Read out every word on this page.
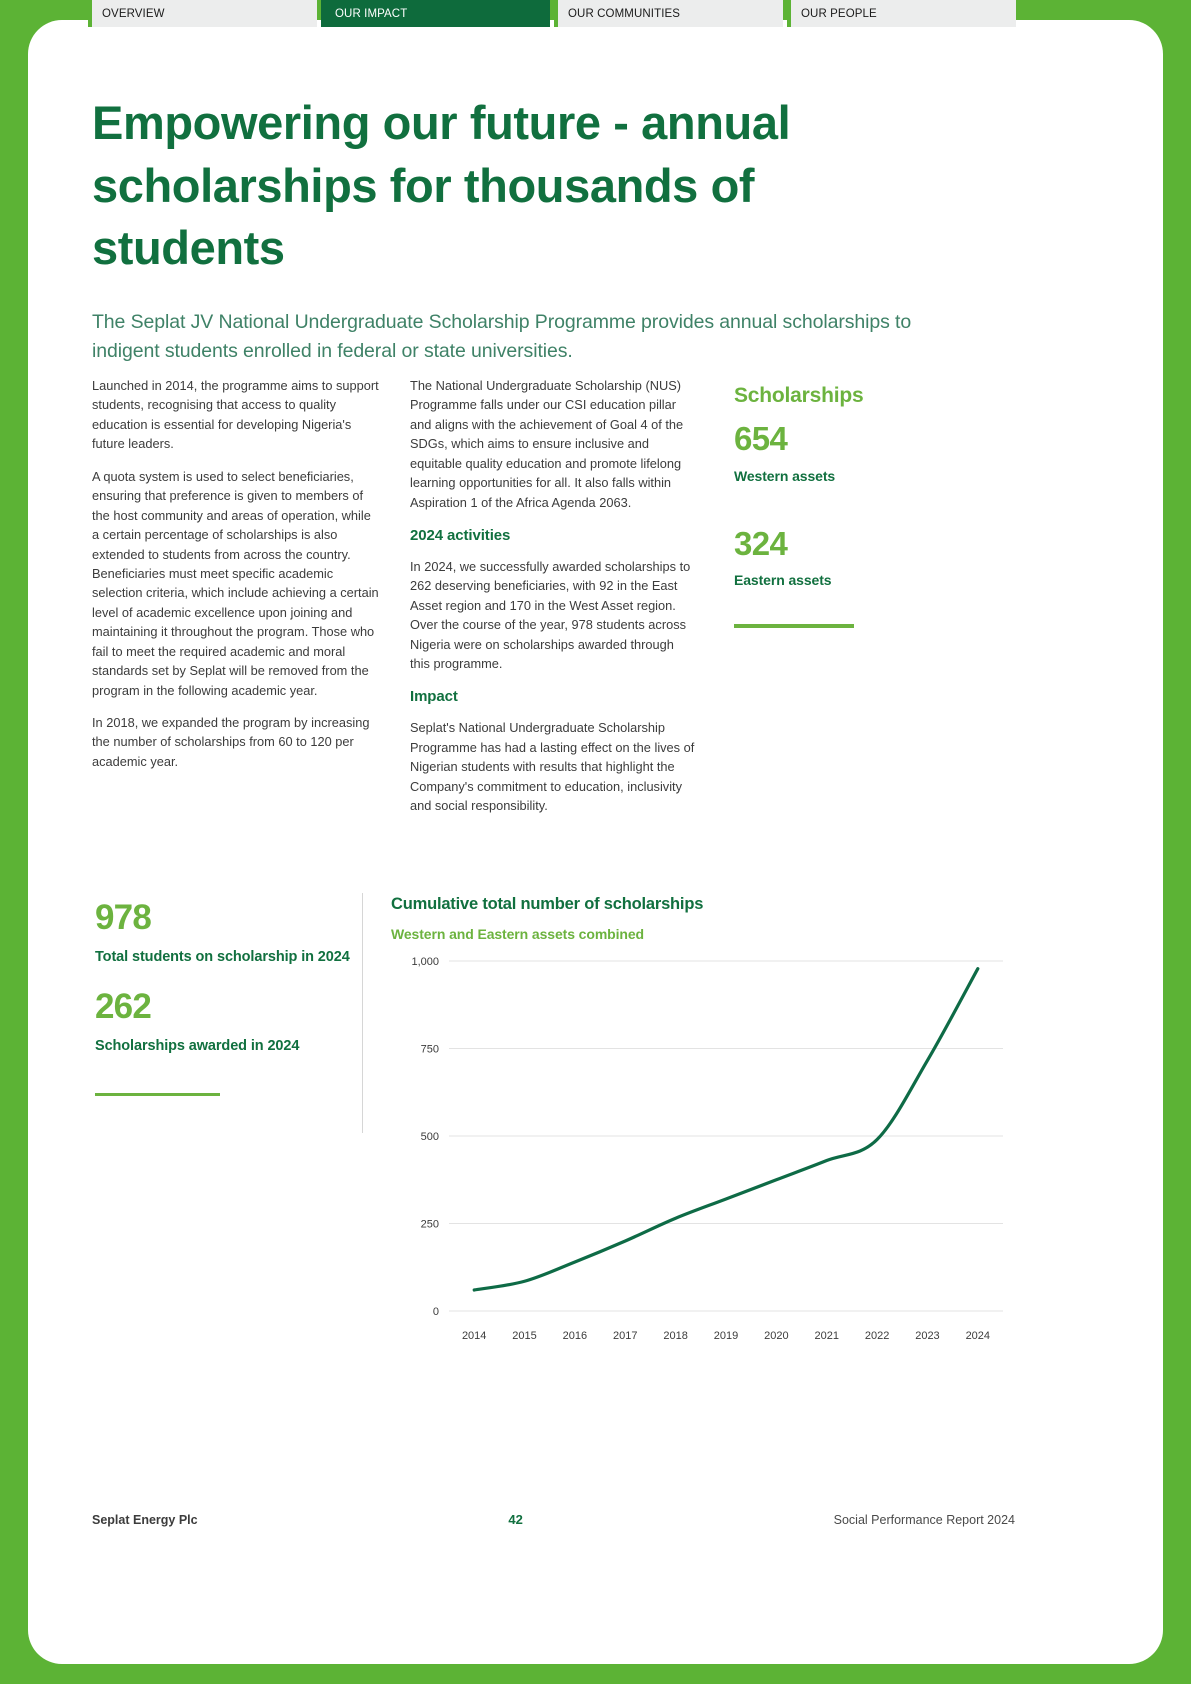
OVERVIEW	OUR IMPACT	OUR COMMUNITIES	OUR PEOPLE
Empowering our future - annual scholarships for thousands of students

The Seplat JV National Undergraduate Scholarship Programme provides annual scholarships to indigent students enrolled in federal or state universities.

Launched in 2014, the programme aims to support students, recognising that access to quality education is essential for developing Nigeria's future leaders.

A quota system is used to select beneficiaries, ensuring that preference is given to members of the host community and areas of operation, while a certain percentage of scholarships is also extended to students from across the country. Beneficiaries must meet specific academic selection criteria, which include achieving a certain level of academic excellence upon joining and maintaining it throughout the program. Those who fail to meet the required academic and moral standards set by Seplat will be removed from the program in the following academic year.

In 2018, we expanded the program by increasing the number of scholarships from 60 to 120 per academic year.

The National Undergraduate Scholarship (NUS) Programme falls under our CSI education pillar and aligns with the achievement of Goal 4 of the SDGs, which aims to ensure inclusive and equitable quality education and promote lifelong learning opportunities for all. It also falls within Aspiration 1 of the Africa Agenda 2063.

2024 activities

In 2024, we successfully awarded scholarships to 262 deserving beneficiaries, with 92 in the East Asset region and 170 in the West Asset region. Over the course of the year, 978 students across Nigeria were on scholarships awarded through this programme.

Impact

Seplat's National Undergraduate Scholarship Programme has had a lasting effect on the lives of Nigerian students with results that highlight the Company's commitment to education, inclusivity and social responsibility.

Scholarships
654
Western assets
324
Eastern assets
978
Total students on scholarship in 2024
262
Scholarships awarded in 2024
Cumulative total number of scholarships
Western and Eastern assets combined
0
250
500
750
1,000
2014 2015 2016 2017 2018 2019 2020 2021 2022 2023 2024
Seplat Energy Plc	42	Social Performance Report 2024
